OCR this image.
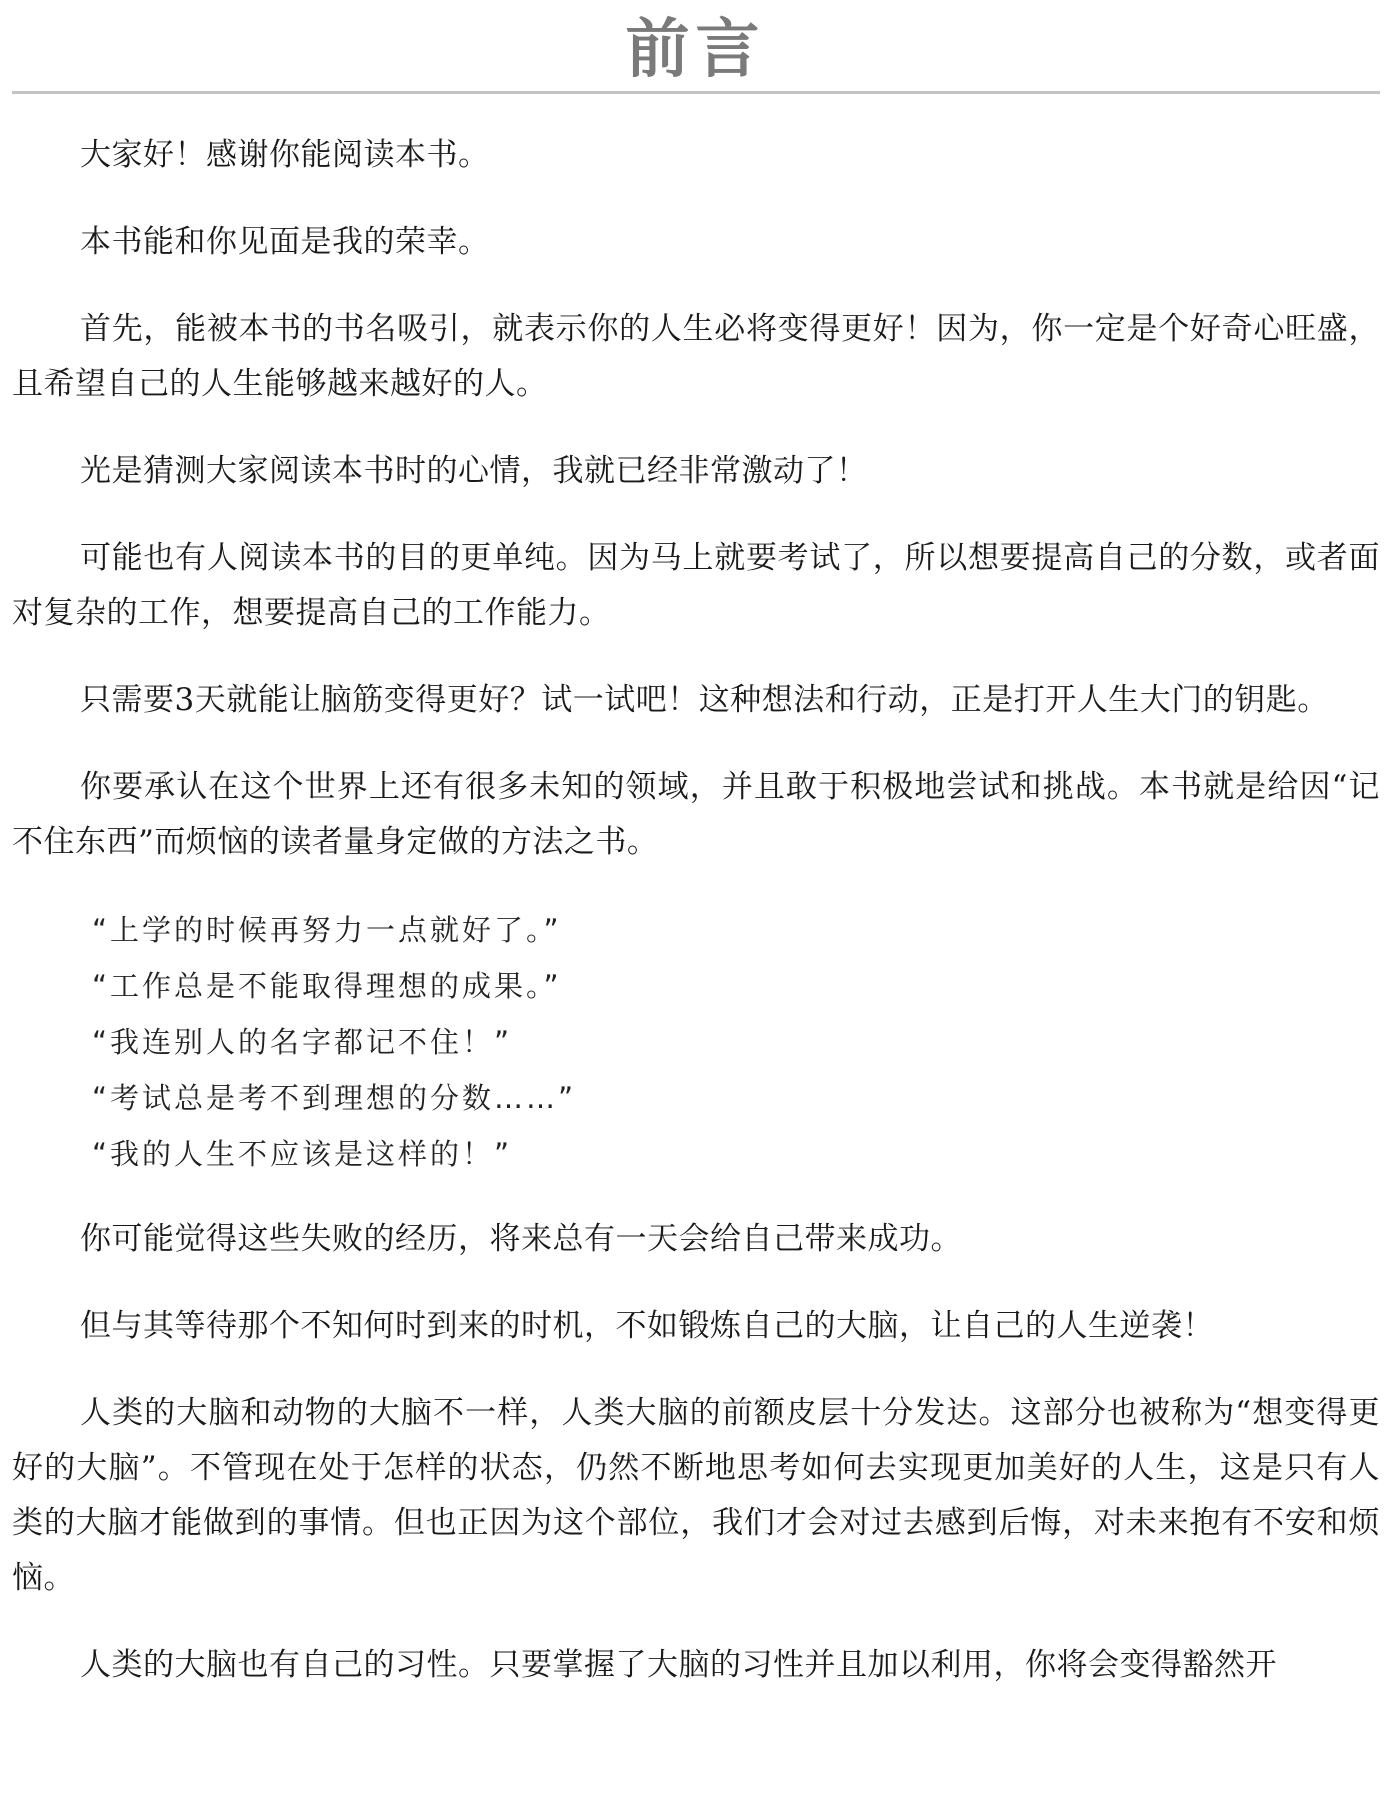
前言

大家好！感谢你能阅读本书。

本书能和你见面是我的荣幸。

首先，能被本书的书名吸引，就表示你的人生必将变得更好！因为，你一定是个好奇心旺盛，且希望自己的人生能够越来越好的人。

光是猜测大家阅读本书时的心情，我就已经非常激动了！

可能也有人阅读本书的目的更单纯。因为马上就要考试了，所以想要提高自己的分数，或者面对复杂的工作，想要提高自己的工作能力。

只需要3天就能让脑筋变得更好？试一试吧！这种想法和行动，正是打开人生大门的钥匙。

你要承认在这个世界上还有很多未知的领域，并且敢于积极地尝试和挑战。本书就是给因“记不住东西”而烦恼的读者量身定做的方法之书。

“上学的时候再努力一点就好了。”

“工作总是不能取得理想的成果。”

“我连别人的名字都记不住！”

“考试总是考不到理想的分数……”

“我的人生不应该是这样的！”

你可能觉得这些失败的经历，将来总有一天会给自己带来成功。

但与其等待那个不知何时到来的时机，不如锻炼自己的大脑，让自己的人生逆袭！

人类的大脑和动物的大脑不一样，人类大脑的前额皮层十分发达。这部分也被称为“想变得更好的大脑”。不管现在处于怎样的状态，仍然不断地思考如何去实现更加美好的人生，这是只有人类的大脑才能做到的事情。但也正因为这个部位，我们才会对过去感到后悔，对未来抱有不安和烦恼。

人类的大脑也有自己的习性。只要掌握了大脑的习性并且加以利用，你将会变得豁然开
